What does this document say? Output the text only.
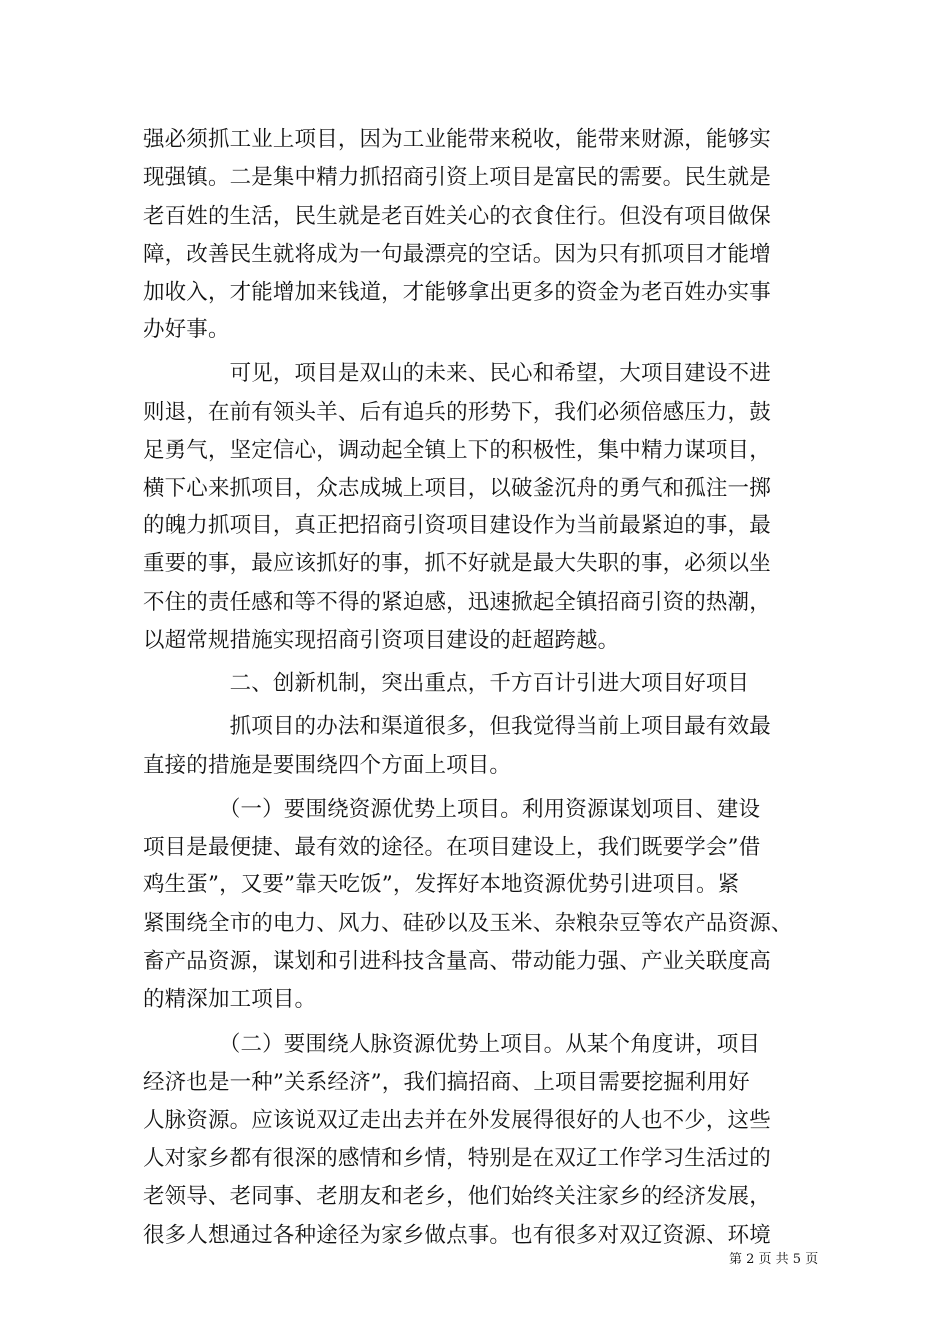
强必须抓工业上项目，因为工业能带来税收，能带来财源，能够实
现强镇。二是集中精力抓招商引资上项目是富民的需要。民生就是
老百姓的生活，民生就是老百姓关心的衣食住行。但没有项目做保
障，改善民生就将成为一句最漂亮的空话。因为只有抓项目才能增
加收入，才能增加来钱道，才能够拿出更多的资金为老百姓办实事
办好事。
　　　　可见，项目是双山的未来、民心和希望，大项目建设不进
则退，在前有领头羊、后有追兵的形势下，我们必须倍感压力，鼓
足勇气，坚定信心，调动起全镇上下的积极性，集中精力谋项目，
横下心来抓项目，众志成城上项目，以破釜沉舟的勇气和孤注一掷
的魄力抓项目，真正把招商引资项目建设作为当前最紧迫的事，最
重要的事，最应该抓好的事，抓不好就是最大失职的事，必须以坐
不住的责任感和等不得的紧迫感，迅速掀起全镇招商引资的热潮，
以超常规措施实现招商引资项目建设的赶超跨越。
　　　　二、创新机制，突出重点，千方百计引进大项目好项目
　　　　抓项目的办法和渠道很多，但我觉得当前上项目最有效最
直接的措施是要围绕四个方面上项目。
　　　　（一）要围绕资源优势上项目。利用资源谋划项目、建设
项目是最便捷、最有效的途径。在项目建设上，我们既要学会”借
鸡生蛋”，又要”靠天吃饭”，发挥好本地资源优势引进项目。紧
紧围绕全市的电力、风力、硅砂以及玉米、杂粮杂豆等农产品资源、
畜产品资源，谋划和引进科技含量高、带动能力强、产业关联度高
的精深加工项目。
　　　　（二）要围绕人脉资源优势上项目。从某个角度讲，项目
经济也是一种”关系经济”，我们搞招商、上项目需要挖掘利用好
人脉资源。应该说双辽走出去并在外发展得很好的人也不少，这些
人对家乡都有很深的感情和乡情，特别是在双辽工作学习生活过的
老领导、老同事、老朋友和老乡，他们始终关注家乡的经济发展，
很多人想通过各种途径为家乡做点事。也有很多对双辽资源、环境
第 2 页 共 5 页
